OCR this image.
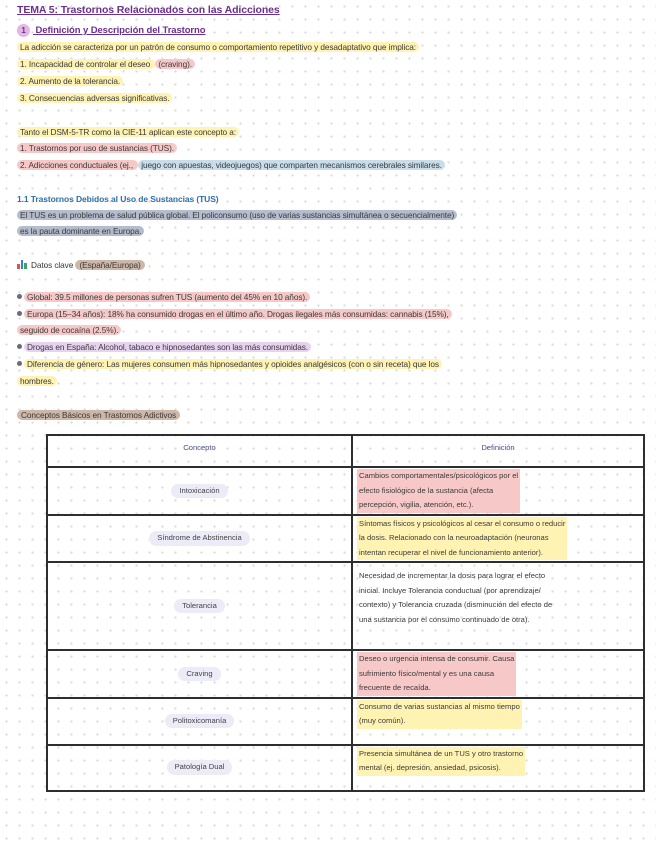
TEMA 5: Trastornos Relacionados con las Adicciones
1 Definición y Descripción del Trastorno
La adicción se caracteriza por un patrón de consumo o comportamiento repetitivo y desadaptativo que implica:
1. Incapacidad de controlar el deseo (craving).
2. Aumento de la tolerancia.
3. Consecuencias adversas significativas.
Tanto el DSM-5-TR como la CIE-11 aplican este concepto a:
1. Trastornos por uso de sustancias (TUS).
2. Adicciones conductuales (ej., juego con apuestas, videojuegos) que comparten mecanismos cerebrales similares.
1.1 Trastornos Debidos al Uso de Sustancias (TUS)
El TUS es un problema de salud pública global. El policonsumo (uso de varias sustancias simultánea o secuencialmente)
es la pauta dominante en Europa.
Datos clave (España/Europa)
Global: 39.5 millones de personas sufren TUS (aumento del 45% en 10 años).
Europa (15–34 años): 18% ha consumido drogas en el último año. Drogas ilegales más consumidas: cannabis (15%),
seguido de cocaína (2.5%).
Drogas en España: Alcohol, tabaco e hipnosedantes son las más consumidas.
Diferencia de género: Las mujeres consumen más hipnosedantes y opioides analgésicos (con o sin receta) que los
hombres.
Conceptos Básicos en Trastornos Adictivos
Concepto	Definición
Intoxicación	Cambios comportamentales/psicológicos por el
efecto fisiológico de la sustancia (afecta
percepción, vigilia, atención, etc.).

Síndrome de Abstinencia	Síntomas físicos y psicológicos al cesar el consumo o reducir
la dosis. Relacionado con la neuroadaptación (neuronas
intentan recuperar el nivel de funcionamiento anterior).

Tolerancia	Necesidad de incrementar la dosis para lograr el efecto
inicial. Incluye Tolerancia conductual (por aprendizaje/
contexto) y Tolerancia cruzada (disminución del efecto de
una sustancia por el consumo continuado de otra).

Craving	Deseo o urgencia intensa de consumir. Causa
sufrimiento físico/mental y es una causa
frecuente de recaída.

Politoxicomanía	Consumo de varias sustancias al mismo tiempo
(muy común).

Patología Dual	Presencia simultánea de un TUS y otro trastorno
mental (ej. depresión, ansiedad, psicosis).
